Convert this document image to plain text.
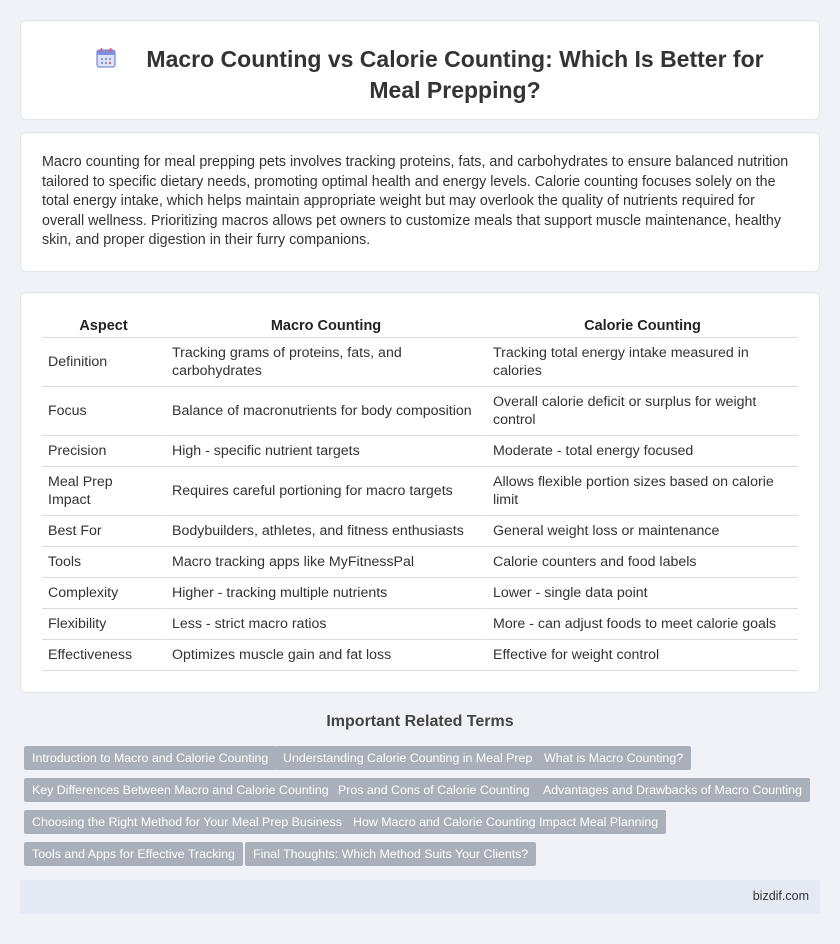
Macro Counting vs Calorie Counting: Which Is Better for Meal Prepping?

Macro counting for meal prepping pets involves tracking proteins, fats, and carbohydrates to ensure balanced nutrition tailored to specific dietary needs, promoting optimal health and energy levels. Calorie counting focuses solely on the total energy intake, which helps maintain appropriate weight but may overlook the quality of nutrients required for overall wellness. Prioritizing macros allows pet owners to customize meals that support muscle maintenance, healthy skin, and proper digestion in their furry companions.

Aspect	Macro Counting	Calorie Counting
Definition	Tracking grams of proteins, fats, and carbohydrates	Tracking total energy intake measured in calories
Focus	Balance of macronutrients for body composition	Overall calorie deficit or surplus for weight control
Precision	High - specific nutrient targets	Moderate - total energy focused
Meal Prep Impact	Requires careful portioning for macro targets	Allows flexible portion sizes based on calorie limit
Best For	Bodybuilders, athletes, and fitness enthusiasts	General weight loss or maintenance
Tools	Macro tracking apps like MyFitnessPal	Calorie counters and food labels
Complexity	Higher - tracking multiple nutrients	Lower - single data point
Flexibility	Less - strict macro ratios	More - can adjust foods to meet calorie goals
Effectiveness	Optimizes muscle gain and fat loss	Effective for weight control
Important Related Terms
Introduction to Macro and Calorie Counting	Understanding Calorie Counting in Meal Prep What is Macro Counting?
Key Differences Between Macro and Calorie Counting Pros and Cons of Calorie Counting	Advantages and Drawbacks of Macro Counting
Choosing the Right Method for Your Meal Prep Business How Macro and Calorie Counting Impact Meal Planning
Tools and Apps for Effective Tracking	Final Thoughts: Which Method Suits Your Clients?
bizdif.com
